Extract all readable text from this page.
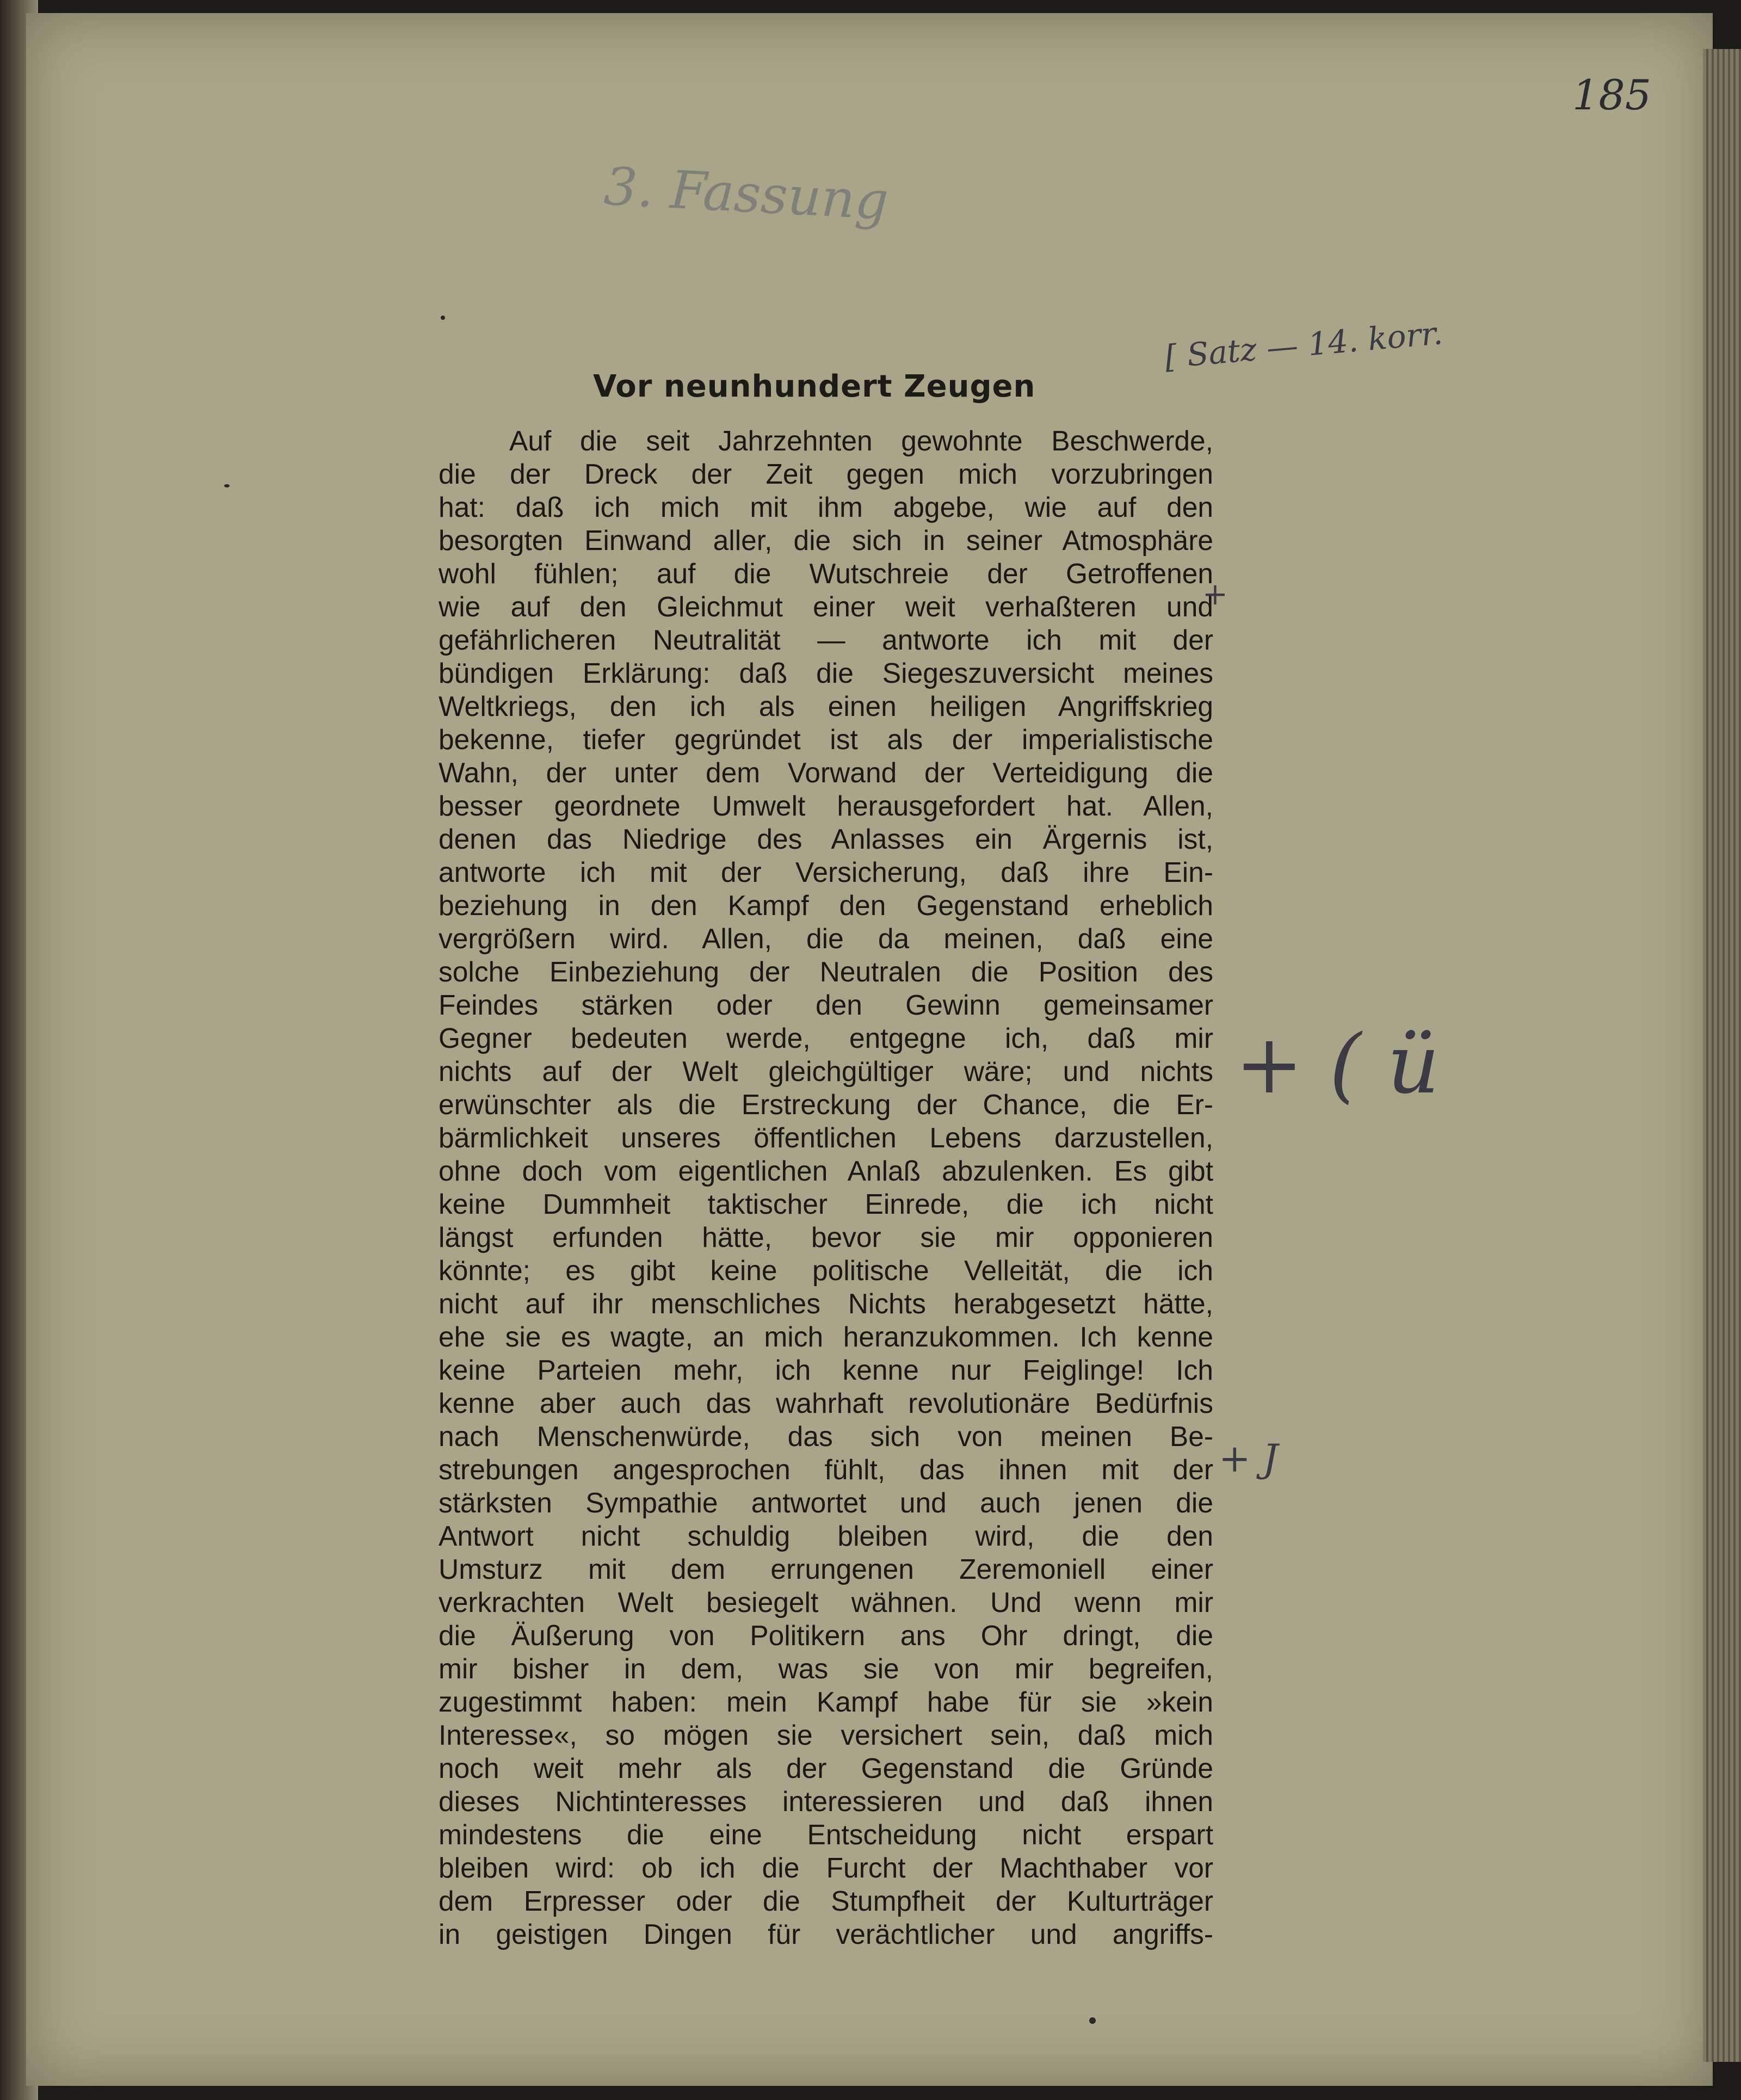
185
3. Fassung
[ Satz — 14. korr.
Vor neunhundert Zeugen
Auf die seit Jahrzehnten gewohnte Beschwerde,
die der Dreck der Zeit gegen mich vorzubringen
hat: daß ich mich mit ihm abgebe, wie auf den
besorgten Einwand aller, die sich in seiner Atmosphäre
wohl fühlen; auf die Wutschreie der Getroffenen
wie auf den Gleichmut einer weit verhaßteren und
gefährlicheren Neutralität — antworte ich mit der
bündigen Erklärung: daß die Siegeszuversicht meines
Weltkriegs, den ich als einen heiligen Angriffskrieg
bekenne, tiefer gegründet ist als der imperialistische
Wahn, der unter dem Vorwand der Verteidigung die
besser geordnete Umwelt herausgefordert hat. Allen,
denen das Niedrige des Anlasses ein Ärgernis ist,
antworte ich mit der Versicherung, daß ihre Ein-
beziehung in den Kampf den Gegenstand erheblich
vergrößern wird. Allen, die da meinen, daß eine
solche Einbeziehung der Neutralen die Position des
Feindes stärken oder den Gewinn gemeinsamer
Gegner bedeuten werde, entgegne ich, daß mir
nichts auf der Welt gleichgültiger wäre; und nichts
erwünschter als die Erstreckung der Chance, die Er-
bärmlichkeit unseres öffentlichen Lebens darzustellen,
ohne doch vom eigentlichen Anlaß abzulenken. Es gibt
keine Dummheit taktischer Einrede, die ich nicht
längst erfunden hätte, bevor sie mir opponieren
könnte; es gibt keine politische Velleität, die ich
nicht auf ihr menschliches Nichts herabgesetzt hätte,
ehe sie es wagte, an mich heranzukommen. Ich kenne
keine Parteien mehr, ich kenne nur Feiglinge! Ich
kenne aber auch das wahrhaft revolutionäre Bedürfnis
nach Menschenwürde, das sich von meinen Be-
strebungen angesprochen fühlt, das ihnen mit der
stärksten Sympathie antwortet und auch jenen die
Antwort nicht schuldig bleiben wird, die den
Umsturz mit dem errungenen Zeremoniell einer
verkrachten Welt besiegelt wähnen. Und wenn mir
die Äußerung von Politikern ans Ohr dringt, die
mir bisher in dem, was sie von mir begreifen,
zugestimmt haben: mein Kampf habe für sie »kein
Interesse«, so mögen sie versichert sein, daß mich
noch weit mehr als der Gegenstand die Gründe
dieses Nichtinteresses interessieren und daß ihnen
mindestens die eine Entscheidung nicht erspart
bleiben wird: ob ich die Furcht der Machthaber vor
dem Erpresser oder die Stumpfheit der Kulturträger
in geistigen Dingen für verächtlicher und angriffs-
+
+ ( ü
+ J
